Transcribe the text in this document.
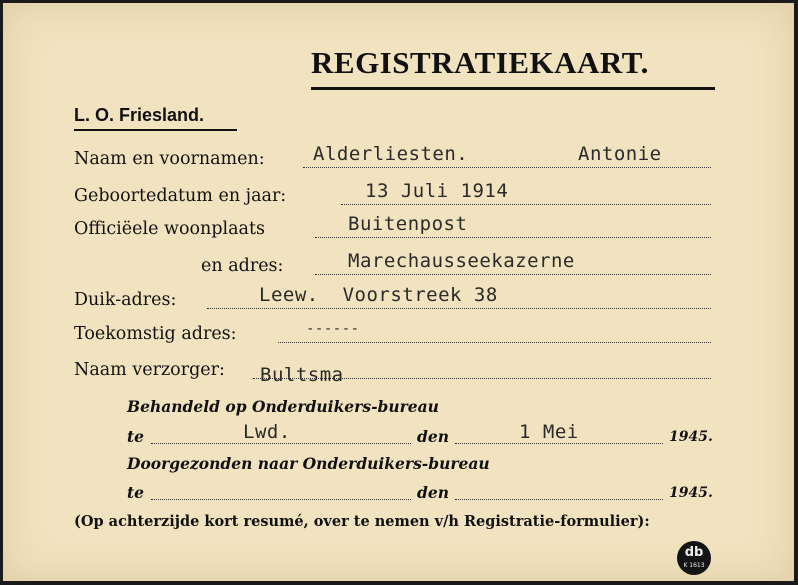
REGISTRATIEKAART.
L. O. Friesland.
Naam en voornamen:	Alderliesten.	Antonie
Geboortedatum en jaar:	13 Juli 1914
Officiëele woonplaats	Buitenpost
en adres:	Marechausseekazerne
Duik-adres:	Leew.  Voorstreek 38
Toekomstig adres:	------
Naam verzorger: Bultsma
Behandeld op Onderduikers-bureau
te	Lwd.	den	1 Mei	1945.
Doorgezonden naar Onderduikers-bureau
te	den	1945.
(Op achterzijde kort resumé, over te nemen v/h Registratie-formulier):
db
K 1613
